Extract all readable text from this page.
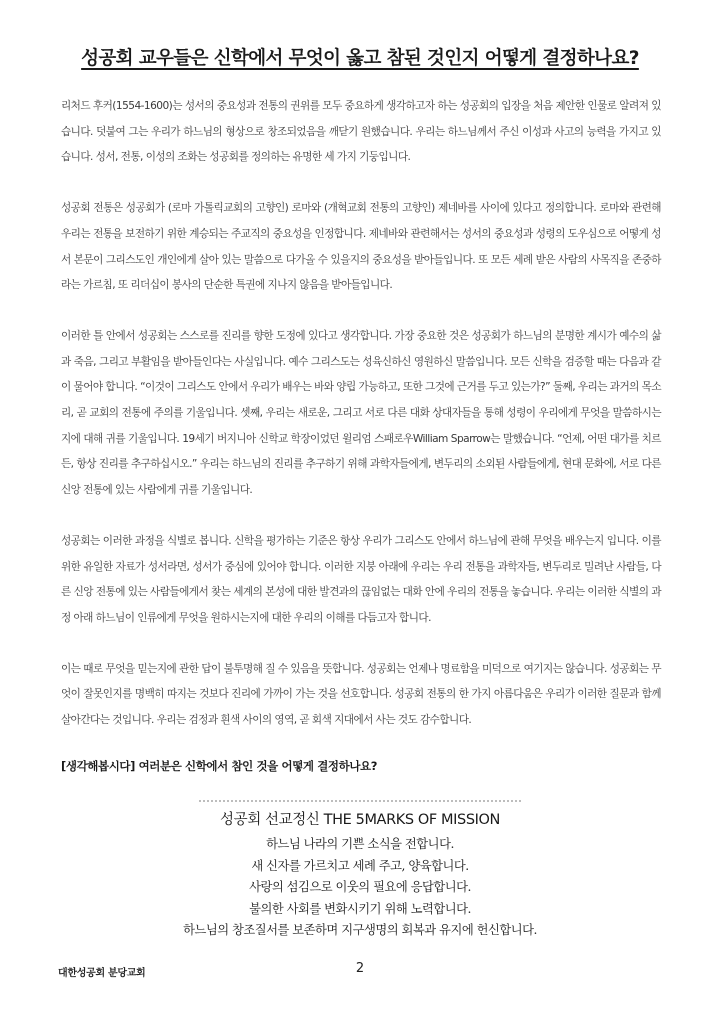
성공회 교우들은 신학에서 무엇이 옳고 참된 것인지 어떻게 결정하나요?

리처드 후커(1554-1600)는 성서의 중요성과 전통의 권위를 모두 중요하게 생각하고자 하는 성공회의 입장을 처음 제안한 인물로 알려져 있습니다. 덧붙여 그는 우리가 하느님의 형상으로 창조되었음을 깨닫기 원했습니다. 우리는 하느님께서 주신 이성과 사고의 능력을 가지고 있습니다. 성서, 전통, 이성의 조화는 성공회를 정의하는 유명한 세 가지 기둥입니다.

성공회 전통은 성공회가 (로마 가톨릭교회의 고향인) 로마와 (개혁교회 전통의 고향인) 제네바를 사이에 있다고 정의합니다. 로마와 관련해 우리는 전통을 보전하기 위한 계승되는 주교직의 중요성을 인정합니다. 제네바와 관련해서는 성서의 중요성과 성령의 도우심으로 어떻게 성서 본문이 그리스도인 개인에게 살아 있는 말씀으로 다가올 수 있을지의 중요성을 받아들입니다. 또 모든 세례 받은 사람의 사목직을 존중하라는 가르침, 또 리더십이 봉사의 단순한 특권에 지나지 않음을 받아들입니다.

이러한 틀 안에서 성공회는 스스로를 진리를 향한 도정에 있다고 생각합니다. 가장 중요한 것은 성공회가 하느님의 분명한 계시가 예수의 삶과 죽음, 그리고 부활임을 받아들인다는 사실입니다. 예수 그리스도는 성육신하신 영원하신 말씀입니다. 모든 신학을 검증할 때는 다음과 같이 물어야 합니다. “이것이 그리스도 안에서 우리가 배우는 바와 양립 가능하고, 또한 그것에 근거를 두고 있는가?” 둘째, 우리는 과거의 목소리, 곧 교회의 전통에 주의를 기울입니다. 셋째, 우리는 새로운, 그리고 서로 다른 대화 상대자들을 통해 성령이 우리에게 무엇을 말씀하시는지에 대해 귀를 기울입니다. 19세기 버지니아 신학교 학장이었던 윌리엄 스패로우William Sparrow는 말했습니다. “언제, 어떤 대가를 치르든, 항상 진리를 추구하십시오.” 우리는 하느님의 진리를 추구하기 위해 과학자들에게, 변두리의 소외된 사람들에게, 현대 문화에, 서로 다른 신앙 전통에 있는 사람에게 귀를 기울입니다.

성공회는 이러한 과정을 식별로 봅니다. 신학을 평가하는 기준은 항상 우리가 그리스도 안에서 하느님에 관해 무엇을 배우는지 입니다. 이를 위한 유일한 자료가 성서라면, 성서가 중심에 있어야 합니다. 이러한 지붕 아래에 우리는 우리 전통을 과학자들, 변두리로 밀려난 사람들, 다른 신앙 전통에 있는 사람들에게서 찾는 세계의 본성에 대한 발견과의 끊임없는 대화 안에 우리의 전통을 놓습니다. 우리는 이러한 식별의 과정 아래 하느님이 인류에게 무엇을 원하시는지에 대한 우리의 이해를 다듬고자 합니다.

이는 때로 무엇을 믿는지에 관한 답이 불투명해 질 수 있음을 뜻합니다. 성공회는 언제나 명료함을 미덕으로 여기지는 않습니다. 성공회는 무엇이 잘못인지를 명백히 따지는 것보다 진리에 가까이 가는 것을 선호합니다. 성공회 전통의 한 가지 아름다움은 우리가 이러한 질문과 함께 살아간다는 것입니다. 우리는 검정과 흰색 사이의 영역, 곧 회색 지대에서 사는 것도 감수합니다.

[생각해봅시다] 여러분은 신학에서 참인 것을 어떻게 결정하나요?
성공회 선교정신 THE 5MARKS OF MISSION
하느님 나라의 기쁜 소식을 전합니다.
새 신자를 가르치고 세례 주고, 양육합니다.
사랑의 섬김으로 이웃의 필요에 응답합니다.
불의한 사회를 변화시키기 위해 노력합니다.
하느님의 창조질서를 보존하며 지구생명의 회복과 유지에 헌신합니다.
대한성공회 분당교회	2
